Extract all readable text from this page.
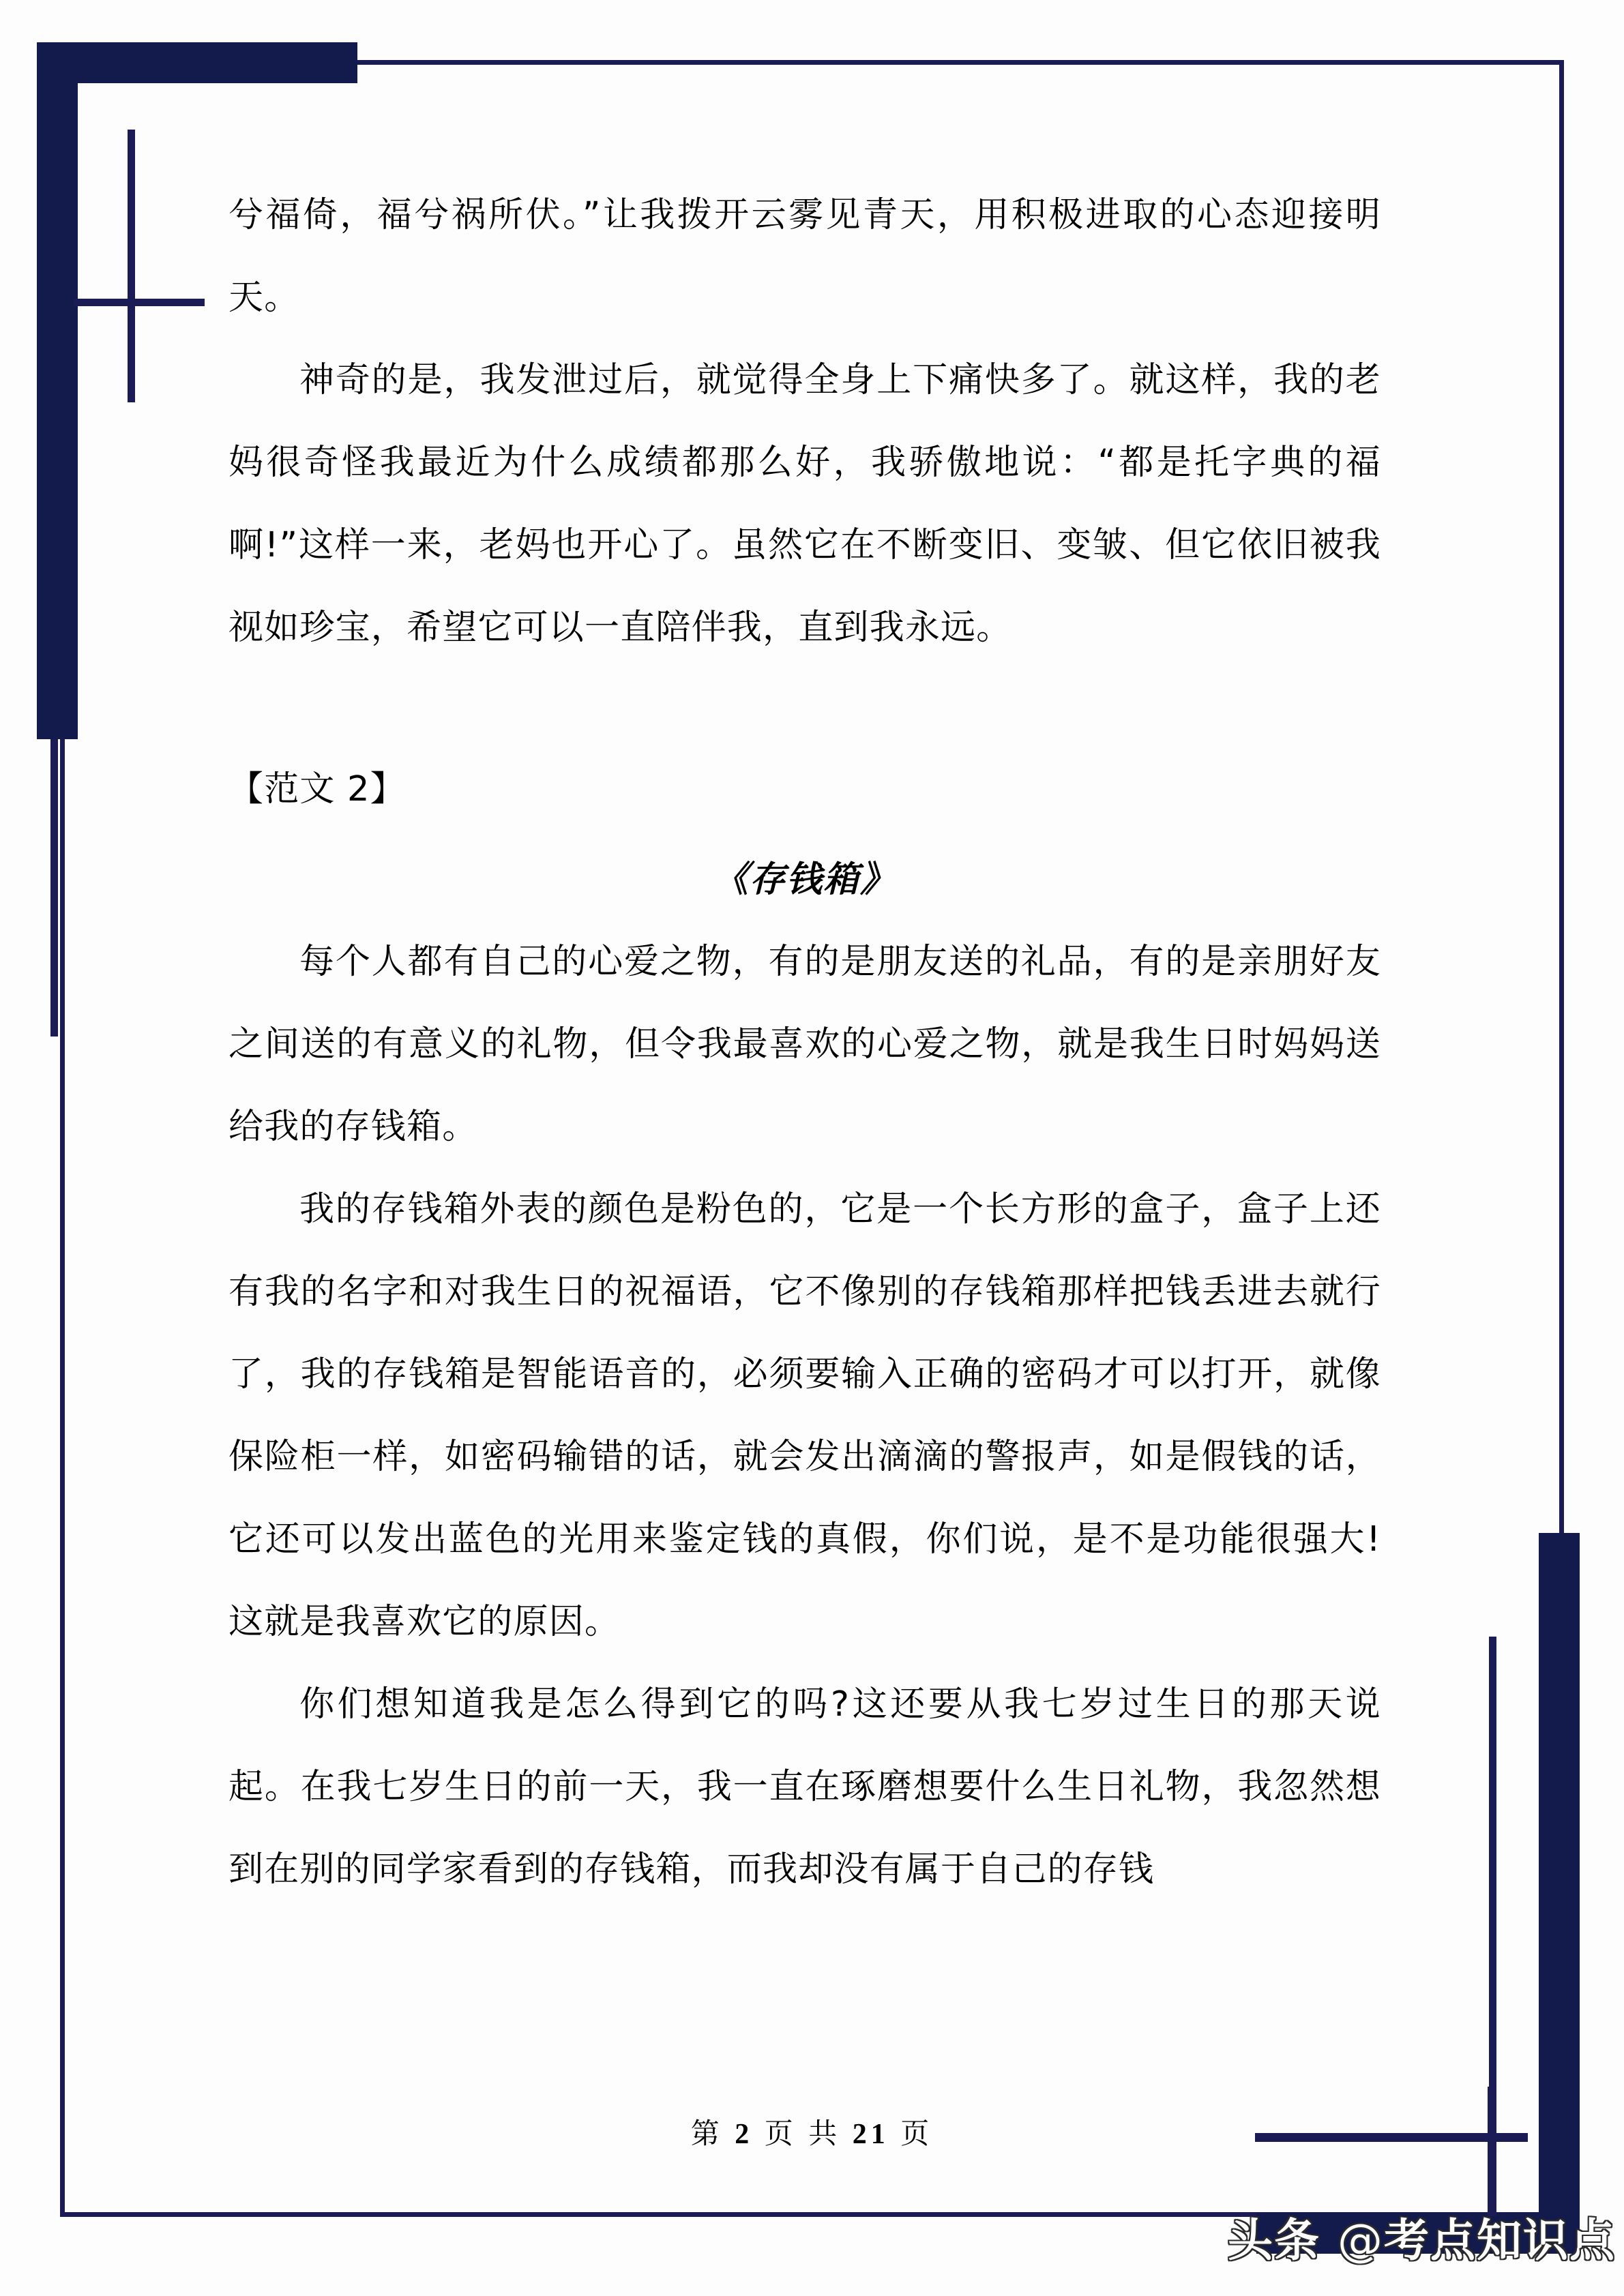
兮福倚，福兮祸所伏。”让我拨开云雾见青天，用积极进取的心态迎接明天。

神奇的是，我发泄过后，就觉得全身上下痛快多了。就这样，我的老妈很奇怪我最近为什么成绩都那么好，我骄傲地说：“都是托字典的福啊!”这样一来，老妈也开心了。虽然它在不断变旧、变皱、但它依旧被我视如珍宝，希望它可以一直陪伴我，直到我永远。

【范文 2】

《存钱箱》

每个人都有自己的心爱之物，有的是朋友送的礼品，有的是亲朋好友之间送的有意义的礼物，但令我最喜欢的心爱之物，就是我生日时妈妈送给我的存钱箱。

我的存钱箱外表的颜色是粉色的，它是一个长方形的盒子，盒子上还有我的名字和对我生日的祝福语，它不像别的存钱箱那样把钱丢进去就行了，我的存钱箱是智能语音的，必须要输入正确的密码才可以打开，就像保险柜一样，如密码输错的话，就会发出滴滴的警报声，如是假钱的话，它还可以发出蓝色的光用来鉴定钱的真假，你们说，是不是功能很强大!这就是我喜欢它的原因。

你们想知道我是怎么得到它的吗?这还要从我七岁过生日的那天说起。在我七岁生日的前一天，我一直在琢磨想要什么生日礼物，我忽然想到在别的同学家看到的存钱箱，而我却没有属于自己的存钱

第 2 页 共 21 页
头条 @考点知识点
